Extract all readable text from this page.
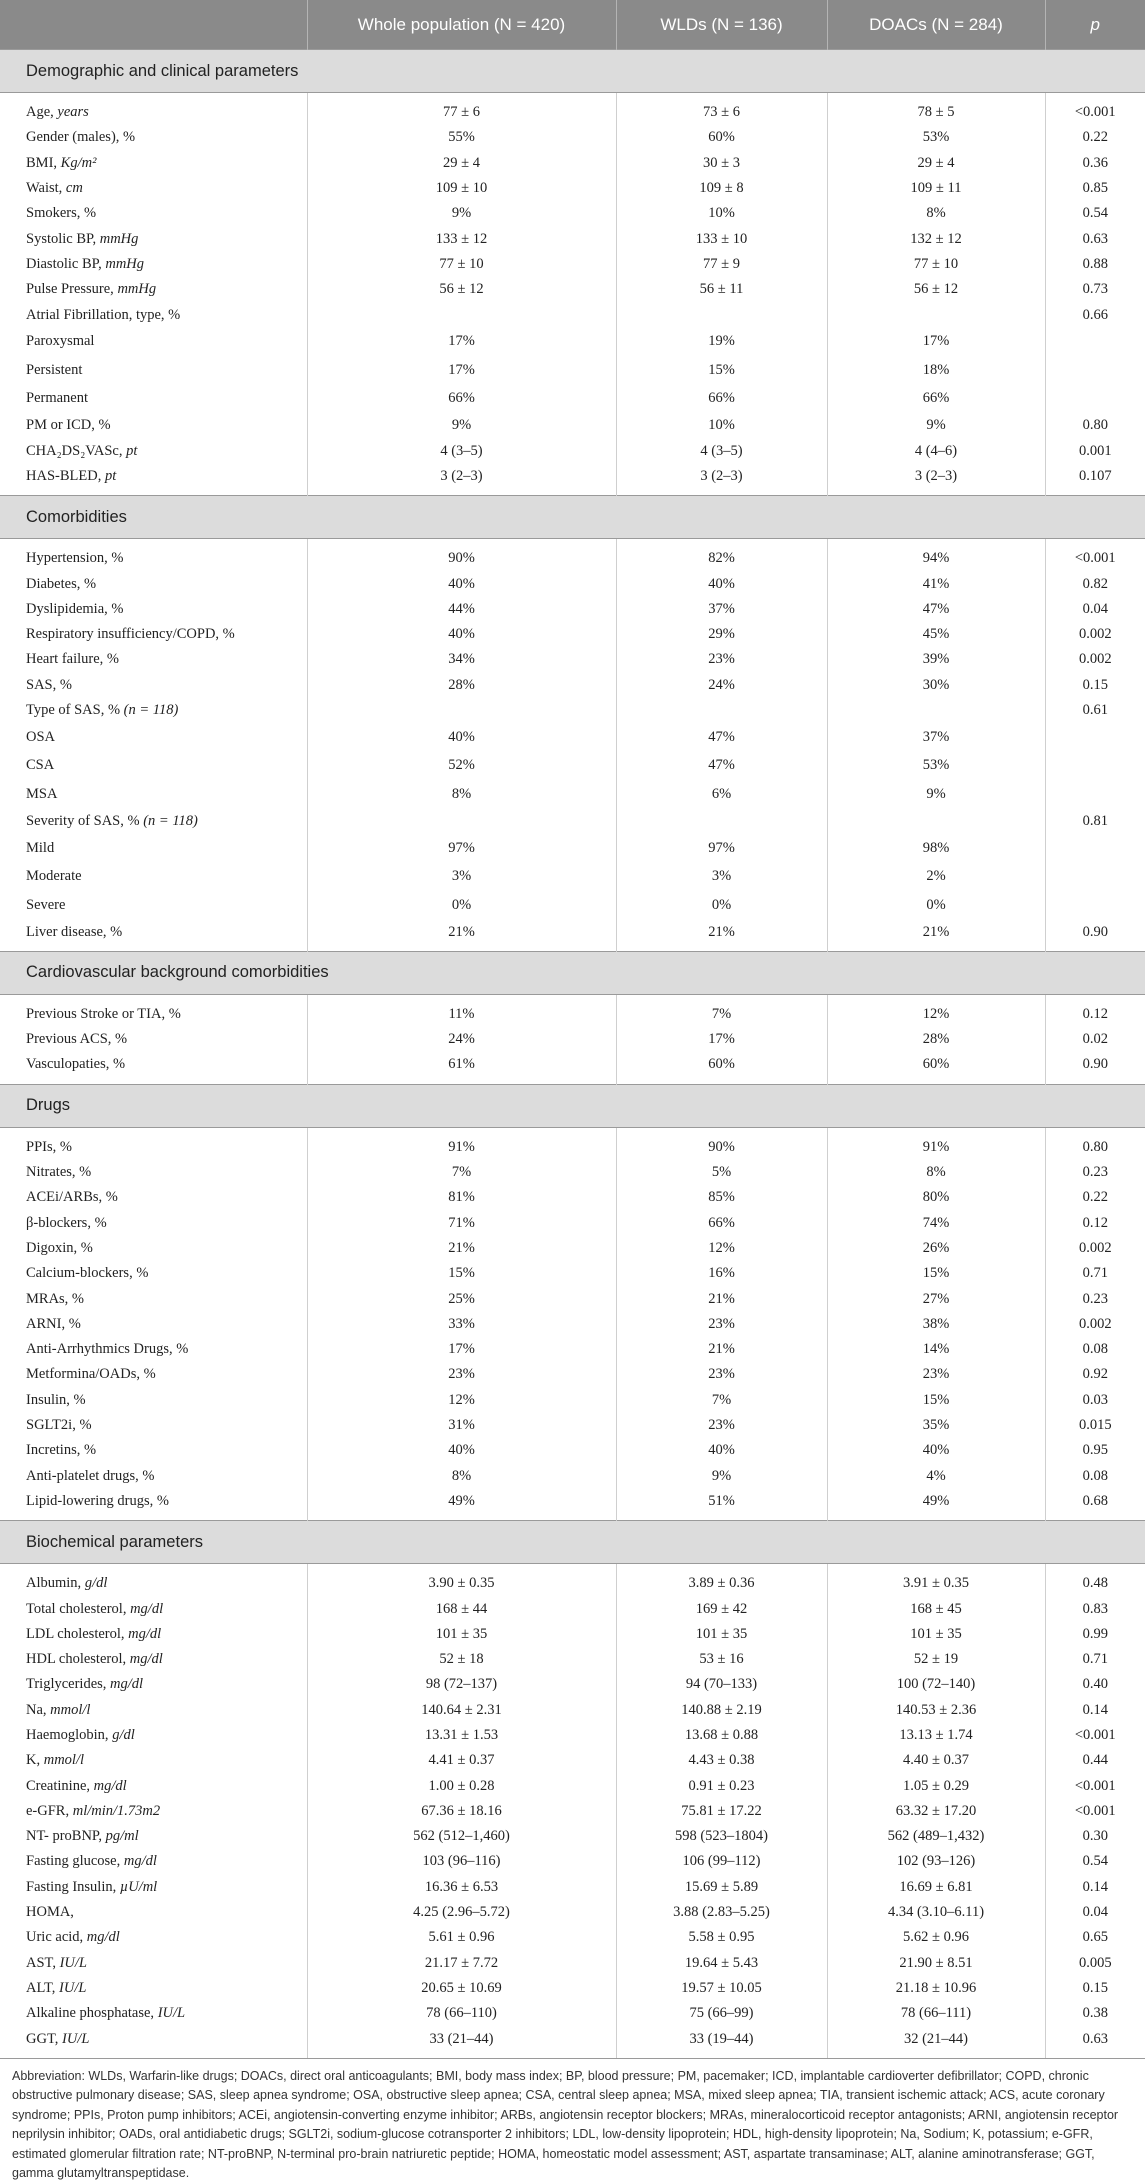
	Whole population (N = 420)	WLDs (N = 136)	DOACs (N = 284)	p
Demographic and clinical parameters				
Age, years	77 ± 6	73 ± 6	78 ± 5	<0.001
Gender (males), %	55%	60%	53%	0.22
BMI, Kg/m²	29 ± 4	30 ± 3	29 ± 4	0.36
Waist, cm	109 ± 10	109 ± 8	109 ± 11	0.85
Smokers, %	9%	10%	8%	0.54
Systolic BP, mmHg	133 ± 12	133 ± 10	132 ± 12	0.63
Diastolic BP, mmHg	77 ± 10	77 ± 9	77 ± 10	0.88
Pulse Pressure, mmHg	56 ± 12	56 ± 11	56 ± 12	0.73
Atrial Fibrillation, type, %				0.66
Paroxysmal	17%	19%	17%	
Persistent	17%	15%	18%	
Permanent	66%	66%	66%	
PM or ICD, %	9%	10%	9%	0.80
CHA₂DS₂VASc, pt	4 (3–5)	4 (3–5)	4 (4–6)	0.001
HAS-BLED, pt	3 (2–3)	3 (2–3)	3 (2–3)	0.107
Comorbidities				
Hypertension, %	90%	82%	94%	<0.001
Diabetes, %	40%	40%	41%	0.82
Dyslipidemia, %	44%	37%	47%	0.04
Respiratory insufficiency/COPD, %	40%	29%	45%	0.002
Heart failure, %	34%	23%	39%	0.002
SAS, %	28%	24%	30%	0.15
Type of SAS, % (n = 118)				0.61
OSA	40%	47%	37%	
CSA	52%	47%	53%	
MSA	8%	6%	9%	
Severity of SAS, % (n = 118)				0.81
Mild	97%	97%	98%	
Moderate	3%	3%	2%	
Severe	0%	0%	0%	
Liver disease, %	21%	21%	21%	0.90
Cardiovascular background comorbidities				
Previous Stroke or TIA, %	11%	7%	12%	0.12
Previous ACS, %	24%	17%	28%	0.02
Vasculopaties, %	61%	60%	60%	0.90
Drugs				
PPIs, %	91%	90%	91%	0.80
Nitrates, %	7%	5%	8%	0.23
ACEi/ARBs, %	81%	85%	80%	0.22
β-blockers, %	71%	66%	74%	0.12
Digoxin, %	21%	12%	26%	0.002
Calcium-blockers, %	15%	16%	15%	0.71
MRAs, %	25%	21%	27%	0.23
ARNI, %	33%	23%	38%	0.002
Anti-Arrhythmics Drugs, %	17%	21%	14%	0.08
Metformina/OADs, %	23%	23%	23%	0.92
Insulin, %	12%	7%	15%	0.03
SGLT2i, %	31%	23%	35%	0.015
Incretins, %	40%	40%	40%	0.95
Anti-platelet drugs, %	8%	9%	4%	0.08
Lipid-lowering drugs, %	49%	51%	49%	0.68
Biochemical parameters				
Albumin, g/dl	3.90 ± 0.35	3.89 ± 0.36	3.91 ± 0.35	0.48
Total cholesterol, mg/dl	168 ± 44	169 ± 42	168 ± 45	0.83
LDL cholesterol, mg/dl	101 ± 35	101 ± 35	101 ± 35	0.99
HDL cholesterol, mg/dl	52 ± 18	53 ± 16	52 ± 19	0.71
Triglycerides, mg/dl	98 (72–137)	94 (70–133)	100 (72–140)	0.40
Na, mmol/l	140.64 ± 2.31	140.88 ± 2.19	140.53 ± 2.36	0.14
Haemoglobin, g/dl	13.31 ± 1.53	13.68 ± 0.88	13.13 ± 1.74	<0.001
K, mmol/l	4.41 ± 0.37	4.43 ± 0.38	4.40 ± 0.37	0.44
Creatinine, mg/dl	1.00 ± 0.28	0.91 ± 0.23	1.05 ± 0.29	<0.001
e-GFR, ml/min/1.73m2	67.36 ± 18.16	75.81 ± 17.22	63.32 ± 17.20	<0.001
NT- proBNP, pg/ml	562 (512–1,460)	598 (523–1804)	562 (489–1,432)	0.30
Fasting glucose, mg/dl	103 (96–116)	106 (99–112)	102 (93–126)	0.54
Fasting Insulin, µU/ml	16.36 ± 6.53	15.69 ± 5.89	16.69 ± 6.81	0.14
HOMA,	4.25 (2.96–5.72)	3.88 (2.83–5.25)	4.34 (3.10–6.11)	0.04
Uric acid, mg/dl	5.61 ± 0.96	5.58 ± 0.95	5.62 ± 0.96	0.65
AST, IU/L	21.17 ± 7.72	19.64 ± 5.43	21.90 ± 8.51	0.005
ALT, IU/L	20.65 ± 10.69	19.57 ± 10.05	21.18 ± 10.96	0.15
Alkaline phosphatase, IU/L	78 (66–110)	75 (66–99)	78 (66–111)	0.38
GGT, IU/L	33 (21–44)	33 (19–44)	32 (21–44)	0.63
Abbreviation: WLDs, Warfarin-like drugs; DOACs, direct oral anticoagulants; BMI, body mass index; BP, blood pressure; PM, pacemaker; ICD, implantable cardioverter defibrillator; COPD, chronic obstructive pulmonary disease; SAS, sleep apnea syndrome; OSA, obstructive sleep apnea; CSA, central sleep apnea; MSA, mixed sleep apnea; TIA, transient ischemic attack; ACS, acute coronary syndrome; PPIs, Proton pump inhibitors; ACEi, angiotensin-converting enzyme inhibitor; ARBs, angiotensin receptor blockers; MRAs, mineralocorticoid receptor antagonists; ARNI, angiotensin receptor neprilysin inhibitor; OADs, oral antidiabetic drugs; SGLT2i, sodium-glucose cotransporter 2 inhibitors; LDL, low-density lipoprotein; HDL, high-density lipoprotein; Na, Sodium; K, potassium; e-GFR, estimated glomerular filtration rate; NT-proBNP, N-terminal pro-brain natriuretic peptide; HOMA, homeostatic model assessment; AST, aspartate transaminase; ALT, alanine aminotransferase; GGT, gamma glutamyltranspeptidase.
